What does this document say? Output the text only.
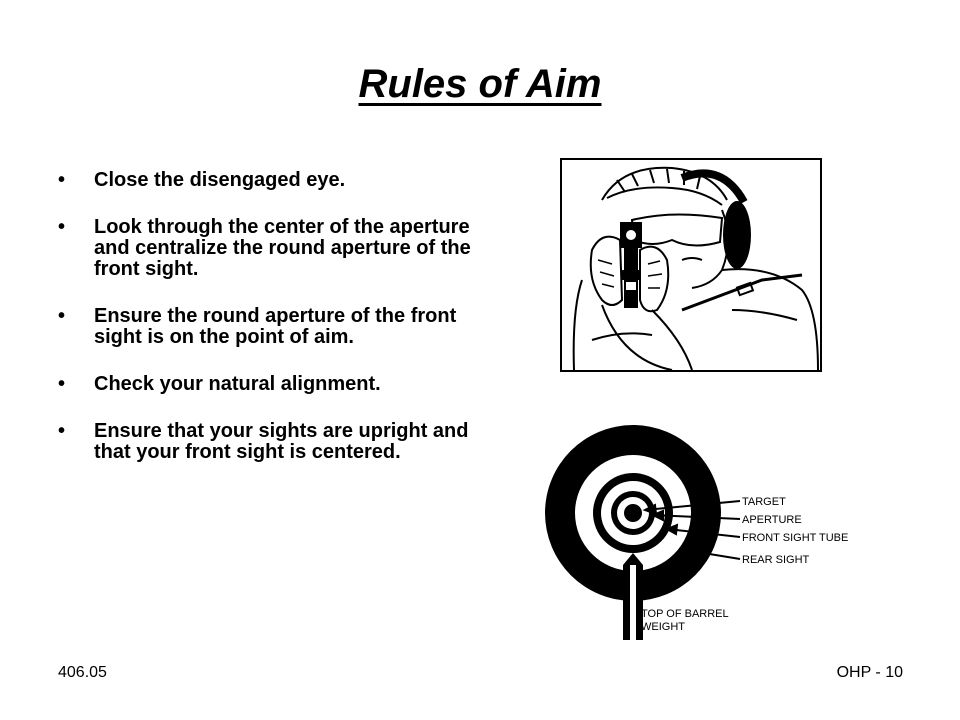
Rules of Aim
• Close the disengaged eye.
• Look through the center of the aperture and centralize the round aperture of the front sight.
• Ensure the round aperture of the front sight is on the point of aim.
• Check your natural alignment.
• Ensure that your sights are upright and that your front sight is centered.
TARGET
APERTURE
FRONT SIGHT TUBE
REAR SIGHT
TOP OF BARREL
WEIGHT
406.05	OHP - 10
